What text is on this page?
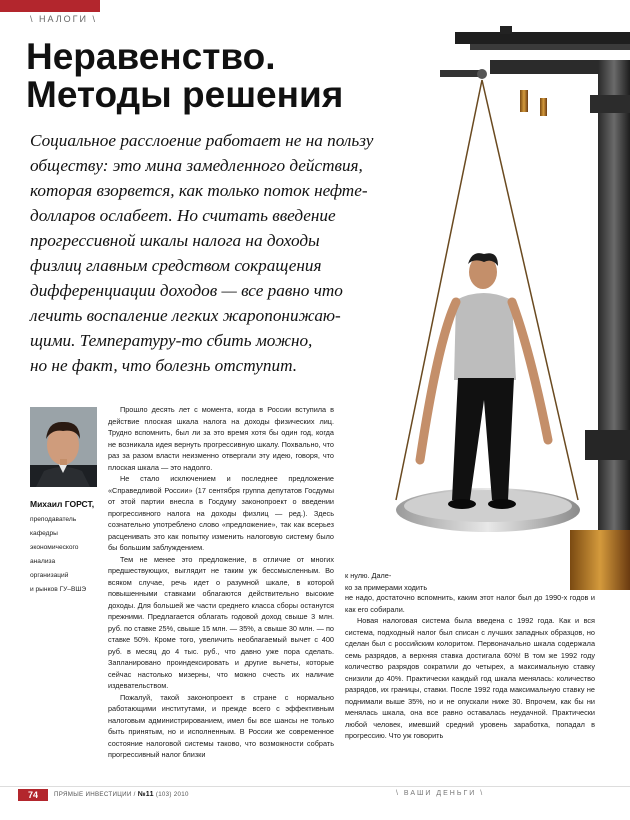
\ НАЛОГИ \
Неравенство.
Методы решения

Социальное расслоение работает не на пользу

обществу: это мина замедленного действия,

которая взорвется, как только поток нефте-

долларов ослабеет. Но считать введение

прогрессивной шкалы налога на доходы

физлиц главным средством сокращения

дифференциации доходов — все равно что

лечить воспаление легких жаропонижаю-

щими. Температуру-то сбить можно,

но не факт, что болезнь отступит.

Михаил ГОРСТ,
преподаватель
кафедры
экономического
анализа
организаций
и рынков ГУ–ВШЭ

Прошло десять лет с момента, когда в России вступила в действие плоская шкала налога на доходы физических лиц. Трудно вспомнить, был ли за это время хотя бы один год, когда не возникала идея вернуть прогрессивную шкалу. Похвально, что раз за разом власти неизменно отвергали эту идею, говоря, что плоская шкала — это надолго.

Не стало исключением и последнее предложение «Справедливой России» (17 сентября группа депутатов Госдумы от этой партии внесла в Госдуму законопроект о введении прогрессивного налога на доходы физлиц — ред.). Здесь сознательно употреблено слово «предложение», так как всерьез расценивать это как попытку изменить налоговую систему было бы большим заблуждением.

Тем не менее это предложение, в отличие от многих предшествующих, выглядит не таким уж бессмысленным. Во всяком случае, речь идет о разумной шкале, в которой повышенными ставками облагаются действительно высокие доходы. Для большей же части среднего класса сборы останутся прежними. Предлагается облагать годовой доход свыше 3 млн. руб. по ставке 25%, свыше 15 млн. — 35%, а свыше 30 млн. — по ставке 50%. Кроме того, увеличить необлагаемый вычет с 400 руб. в месяц до 4 тыс. руб., что давно уже пора сделать. Запланировано проиндексировать и другие вычеты, которые сейчас настолько мизерны, что можно счесть их наличие издевательством.

Пожалуй, такой законопроект в стране с нормально работающими институтами, и прежде всего с эффективным налоговым администрированием, имел бы все шансы не только быть принятым, но и исполненным. В России же современное состояние налоговой системы таково, что возможности собрать прогрессивный налог близки

к нулю. Дале-
ко за примерами ходить

не надо, достаточно вспомнить, каким этот налог был до 1990-х годов и как его собирали.

Новая налоговая система была введена с 1992 года. Как и вся система, подходный налог был списан с лучших западных образцов, но сделан был с российским колоритом. Первоначально шкала содержала семь разрядов, а верхняя ставка достигала 60%! В том же 1992 году количество разрядов сократили до четырех, а максимальную ставку снизили до 40%. Практически каждый год шкала менялась: количество разрядов, их границы, ставки. После 1992 года максимальную ставку не поднимали выше 35%, но и не опускали ниже 30. Впрочем, как бы ни менялась шкала, она все равно оставалась неудачной. Практически любой человек, имевший средний уровень заработка, попадал в прогрессию. Что уж говорить

74	ПРЯМЫЕ ИНВЕСТИЦИИ / №11 (103) 2010	\ ВАШИ ДЕНЬГИ \
